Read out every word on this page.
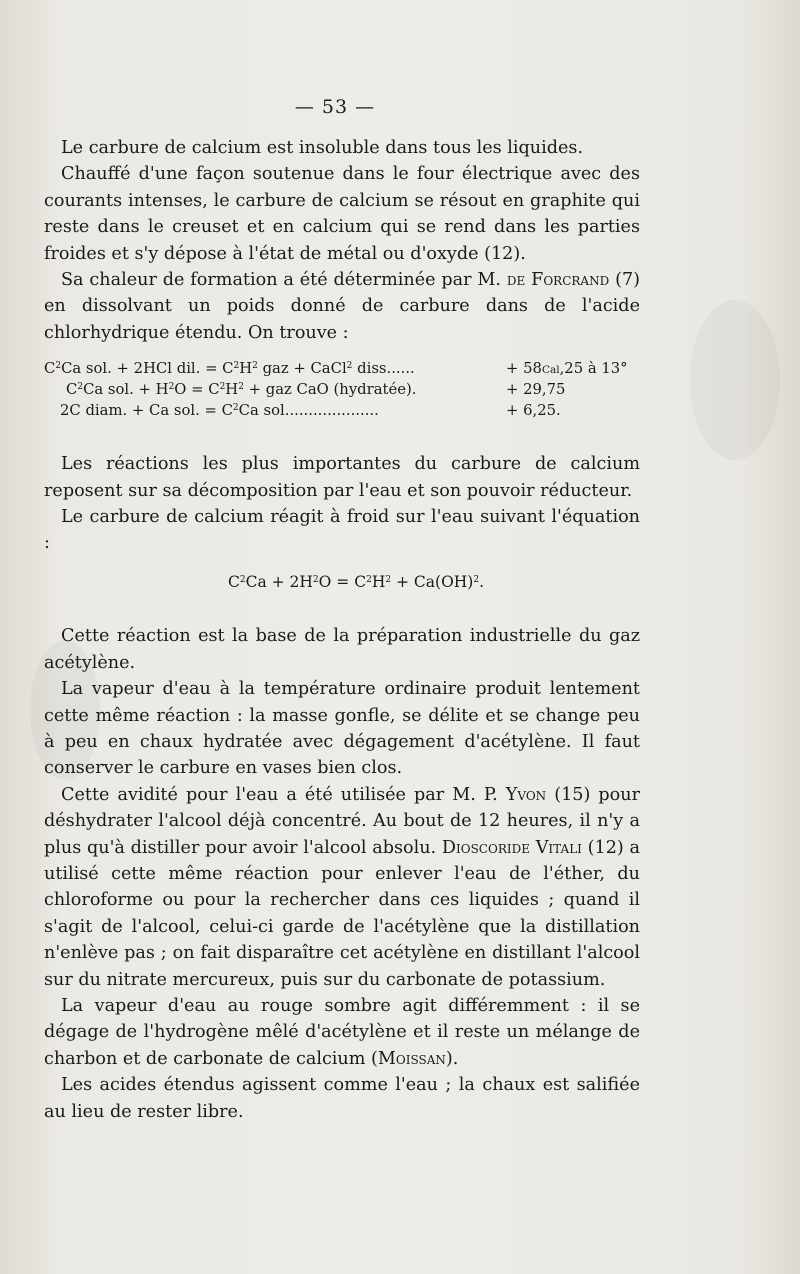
— 53 —

Le carbure de calcium est insoluble dans tous les liquides.

Chauffé d'une façon soutenue dans le four électrique avec des courants intenses, le carbure de calcium se résout en graphite qui reste dans le creuset et en calcium qui se rend dans les parties froides et s'y dépose à l'état de métal ou d'oxyde (12).

Sa chaleur de formation a été déterminée par M. de Forcrand (7) en dissolvant un poids donné de carbure dans de l'acide chlorhydrique étendu. On trouve :

$C^2Ca$ sol. + 2HCl dil. = $C^2H^2$ gaz + CaCl$^2$ diss......	+ 58Cal,25 à 13°
$C^2Ca$ sol. + $H^2O = C^2H^2$ + gaz CaO (hydratée).	+ 29,75
2C diam. + Ca sol. = $C^2Ca$ sol....................	+ 6,25.

Les réactions les plus importantes du carbure de calcium reposent sur sa décomposition par l'eau et son pouvoir réducteur.

Le carbure de calcium réagit à froid sur l'eau suivant l'équation :

$C^2Ca + 2H^2O = C^2H^2 + Ca(OH)^2$.

Cette réaction est la base de la préparation industrielle du gaz acétylène.

La vapeur d'eau à la température ordinaire produit lentement cette même réaction : la masse gonfle, se délite et se change peu à peu en chaux hydratée avec dégagement d'acétylène. Il faut conserver le carbure en vases bien clos.

Cette avidité pour l'eau a été utilisée par M. P. Yvon (15) pour déshydrater l'alcool déjà concentré. Au bout de 12 heures, il n'y a plus qu'à distiller pour avoir l'alcool absolu. Dioscoride Vitali (12) a utilisé cette même réaction pour enlever l'eau de l'éther, du chloroforme ou pour la rechercher dans ces liquides ; quand il s'agit de l'alcool, celui-ci garde de l'acétylène que la distillation n'enlève pas ; on fait disparaître cet acétylène en distillant l'alcool sur du nitrate mercureux, puis sur du carbonate de potassium.

La vapeur d'eau au rouge sombre agit différemment : il se dégage de l'hydrogène mêlé d'acétylène et il reste un mélange de charbon et de carbonate de calcium (Moissan).

Les acides étendus agissent comme l'eau ; la chaux est salifiée au lieu de rester libre.
